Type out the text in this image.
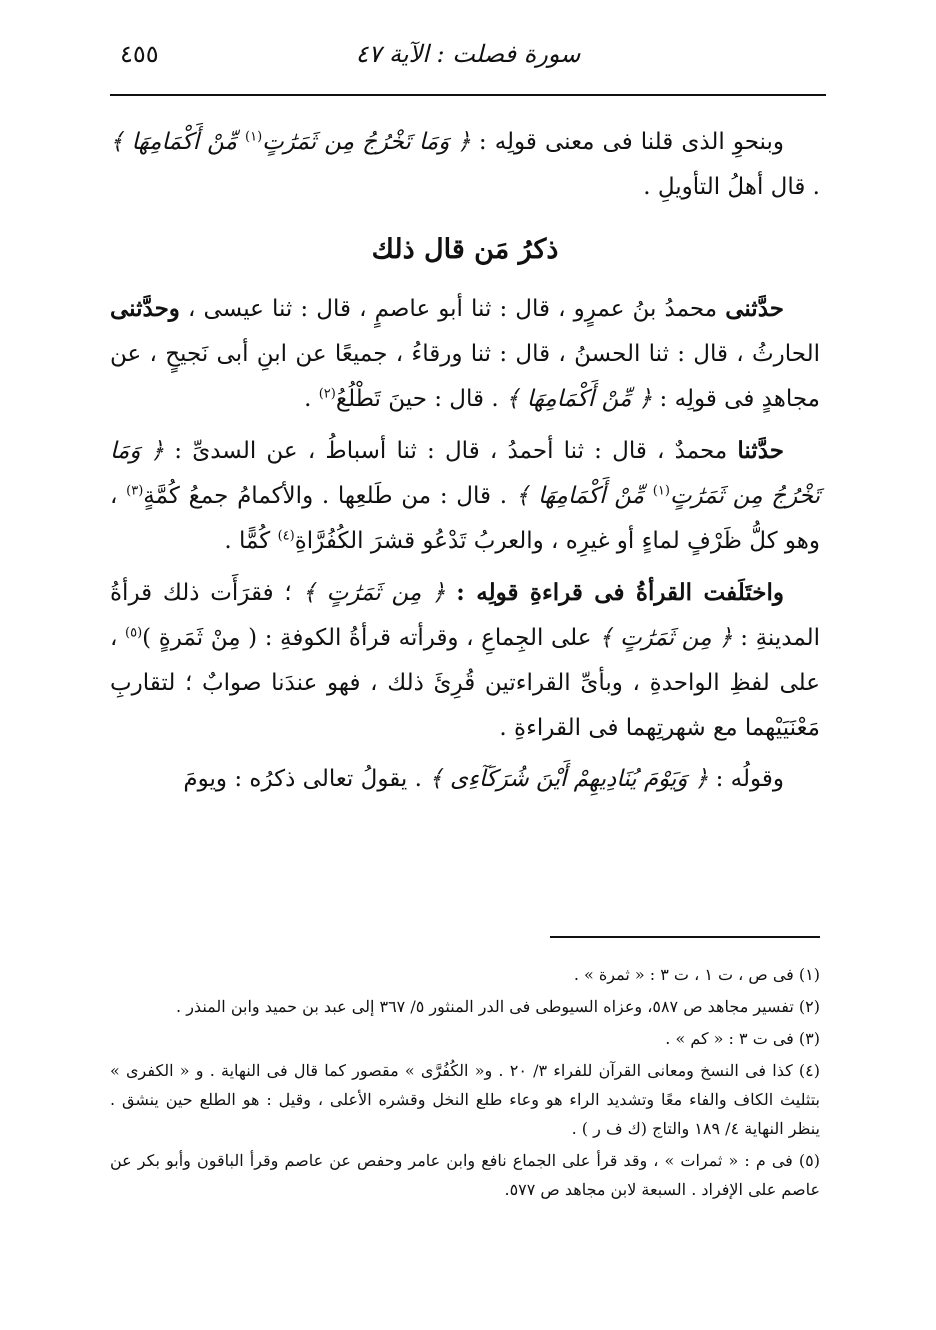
٤٥٥	سورة فصلت : الآية ٤٧

وبنحوِ الذى قلنا فى معنى قولِه : ﴿ وَمَا تَخْرُجُ مِن ثَمَرَٰتٍ$^{(١)}$ مِّنْ أَكْمَامِهَا ﴾ . قال أهلُ التأويلِ .

ذكرُ مَن قال ذلك

حدَّثنى محمدُ بنُ عمرٍو ، قال : ثنا أبو عاصمٍ ، قال : ثنا عيسى ، وحدَّثنى الحارثُ ، قال : ثنا الحسنُ ، قال : ثنا ورقاءُ ، جميعًا عن ابنِ أبى نَجيحٍ ، عن مجاهدٍ فى قولِه : ﴿ مِّنْ أَكْمَامِهَا ﴾ . قال : حينَ تَطْلُعُ$^{(٢)}$ .

حدَّثنا محمدٌ ، قال : ثنا أحمدُ ، قال : ثنا أسباطُ ، عن السدىِّ : ﴿ وَمَا تَخْرُجُ مِن ثَمَرَٰتٍ$^{(١)}$ مِّنْ أَكْمَامِهَا ﴾ . قال : من طَلعِها . والأكمامُ جمعُ كُمَّةٍ$^{(٣)}$ ، وهو كلُّ ظَرْفٍ لماءٍ أو غيرِه ، والعربُ تَدْعُو قشرَ الكُفُرَّاةِ$^{(٤)}$ كُمًّا .

واختَلَفت القرأةُ فى قراءةِ قولِه : ﴿ مِن ثَمَرَٰتٍ ﴾ ؛ فقرَأَت ذلك قرأةُ المدينةِ : ﴿ مِن ثَمَرَٰتٍ ﴾ على الجِماعِ ، وقرأته قرأةُ الكوفةِ : ( مِنْ ثَمَرةٍ )$^{(٥)}$ ، على لفظِ الواحدةِ ، وبأىِّ القراءتين قُرِئَ ذلك ، فهو عندَنا صوابٌ ؛ لتقاربِ مَعْنَيَيْهما مع شهرتِهما فى القراءةِ .

وقولُه : ﴿ وَيَوْمَ يُنَادِيهِمْ أَيْنَ شُرَكَآءِى ﴾ . يقولُ تعالى ذكرُه : ويومَ

(١) فى ص ، ت ١ ، ت ٣ : « ثمرة » .

(٢) تفسير مجاهد ص ٥٨٧، وعزاه السيوطى فى الدر المنثور ٥/ ٣٦٧ إلى عبد بن حميد وابن المنذر .

(٣) فى ت ٣ : « كم » .

(٤) كذا فى النسخ ومعانى القرآن للفراء ٣/ ٢٠ . و« الكُفُرَّى » مقصور كما قال فى النهاية . و « الكفرى » بتثليث الكاف والفاء معًا وتشديد الراء هو وعاء طلع النخل وقشره الأعلى ، وقيل : هو الطلع حين ينشق . ينظر النهاية ٤/ ١٨٩ والتاج (ك ف ر ) .

(٥) فى م : « ثمرات » ، وقد قرأ على الجماع نافع وابن عامر وحفص عن عاصم وقرأ الباقون وأبو بكر عن عاصم على الإفراد . السبعة لابن مجاهد ص ٥٧٧.
